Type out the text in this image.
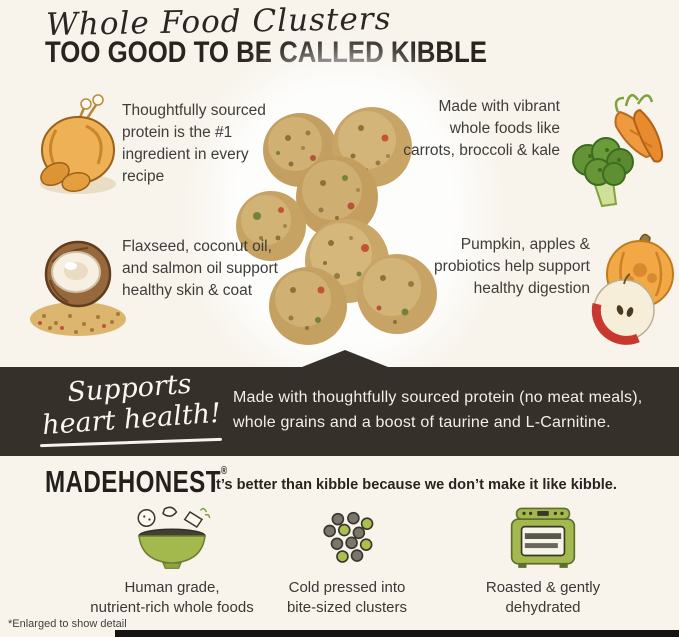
Whole Food Clusters
TOO GOOD TO BE CALLED KIBBLE
Thoughtfully sourced protein is the #1 ingredient in every recipe
Made with vibrant whole foods like carrots, broccoli & kale
Flaxseed, coconut oil, and salmon oil support healthy skin & coat
Pumpkin, apples & probiotics help support healthy digestion
Supports
heart health!
Made with thoughtfully sourced protein (no meat meals), whole grains and a boost of taurine and L-Carnitine.
MADEHONEST®
It’s better than kibble because we don’t make it like kibble.
Human grade,
nutrient-rich whole foods
Cold pressed into
bite-sized clusters
Roasted & gently
dehydrated
*Enlarged to show detail
